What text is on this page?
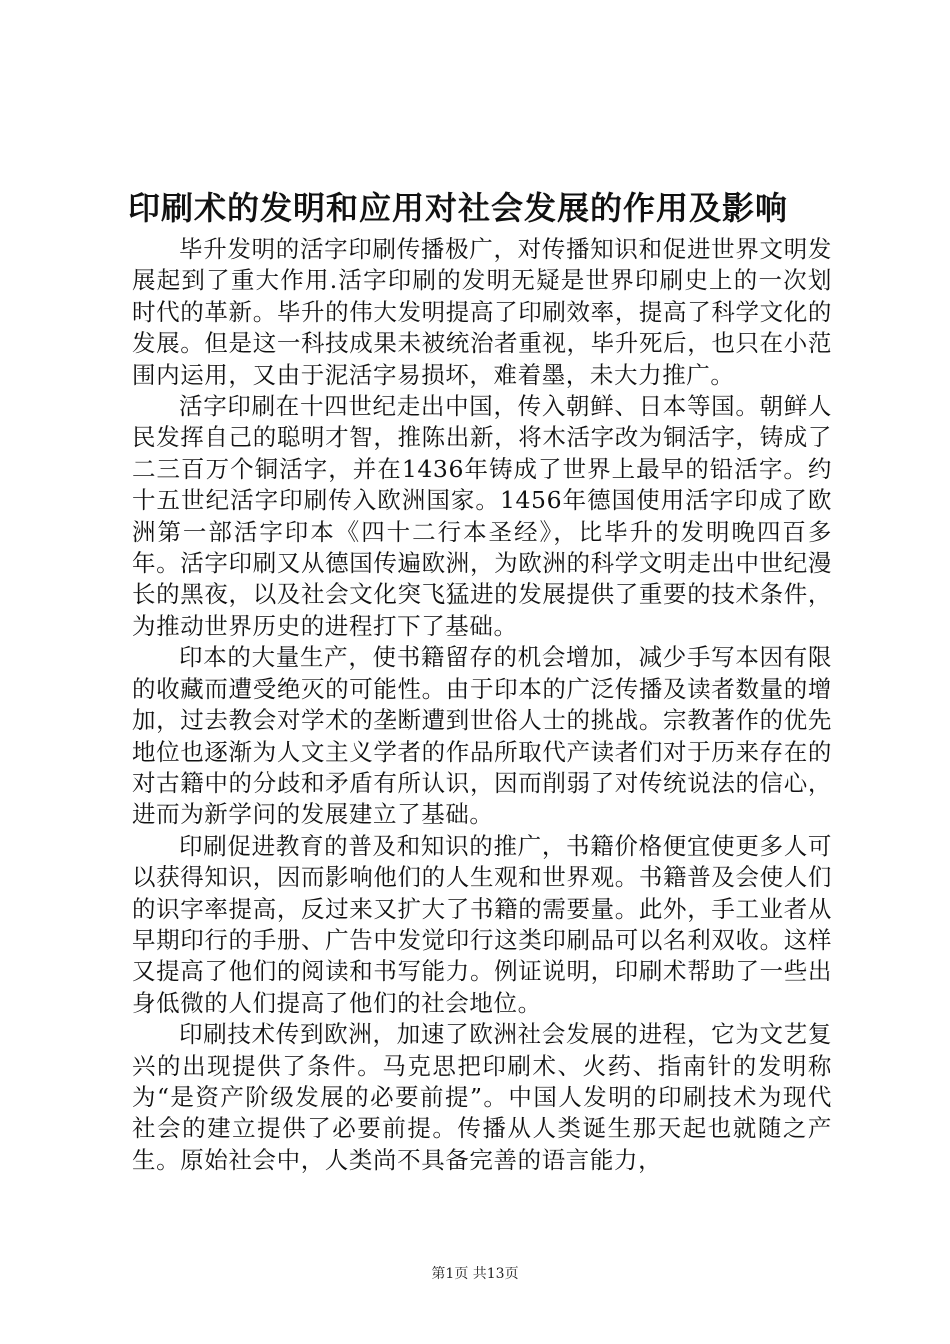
印刷术的发明和应用对社会发展的作用及影响

毕升发明的活字印刷传播极广，对传播知识和促进世界文明发展起到了重大作用.活字印刷的发明无疑是世界印刷史上的一次划时代的革新。毕升的伟大发明提高了印刷效率，提高了科学文化的发展。但是这一科技成果未被统治者重视，毕升死后，也只在小范围内运用，又由于泥活字易损坏，难着墨，未大力推广。

活字印刷在十四世纪走出中国，传入朝鲜、日本等国。朝鲜人民发挥自己的聪明才智，推陈出新，将木活字改为铜活字，铸成了二三百万个铜活字，并在1436年铸成了世界上最早的铅活字。约十五世纪活字印刷传入欧洲国家。1456年德国使用活字印成了欧洲第一部活字印本《四十二行本圣经》，比毕升的发明晚四百多年。活字印刷又从德国传遍欧洲，为欧洲的科学文明走出中世纪漫长的黑夜，以及社会文化突飞猛进的发展提供了重要的技术条件，为推动世界历史的进程打下了基础。

印本的大量生产，使书籍留存的机会增加，减少手写本因有限的收藏而遭受绝灭的可能性。由于印本的广泛传播及读者数量的增加，过去教会对学术的垄断遭到世俗人士的挑战。宗教著作的优先地位也逐渐为人文主义学者的作品所取代产读者们对于历来存在的对古籍中的分歧和矛盾有所认识，因而削弱了对传统说法的信心，进而为新学问的发展建立了基础。

印刷促进教育的普及和知识的推广，书籍价格便宜使更多人可以获得知识，因而影响他们的人生观和世界观。书籍普及会使人们的识字率提高，反过来又扩大了书籍的需要量。此外，手工业者从早期印行的手册、广告中发觉印行这类印刷品可以名利双收。这样又提高了他们的阅读和书写能力。例证说明，印刷术帮助了一些出身低微的人们提高了他们的社会地位。

印刷技术传到欧洲，加速了欧洲社会发展的进程，它为文艺复兴的出现提供了条件。马克思把印刷术、火药、指南针的发明称为“是资产阶级发展的必要前提”。中国人发明的印刷技术为现代社会的建立提供了必要前提。传播从人类诞生那天起也就随之产生。原始社会中，人类尚不具备完善的语言能力，

第1页 共13页
